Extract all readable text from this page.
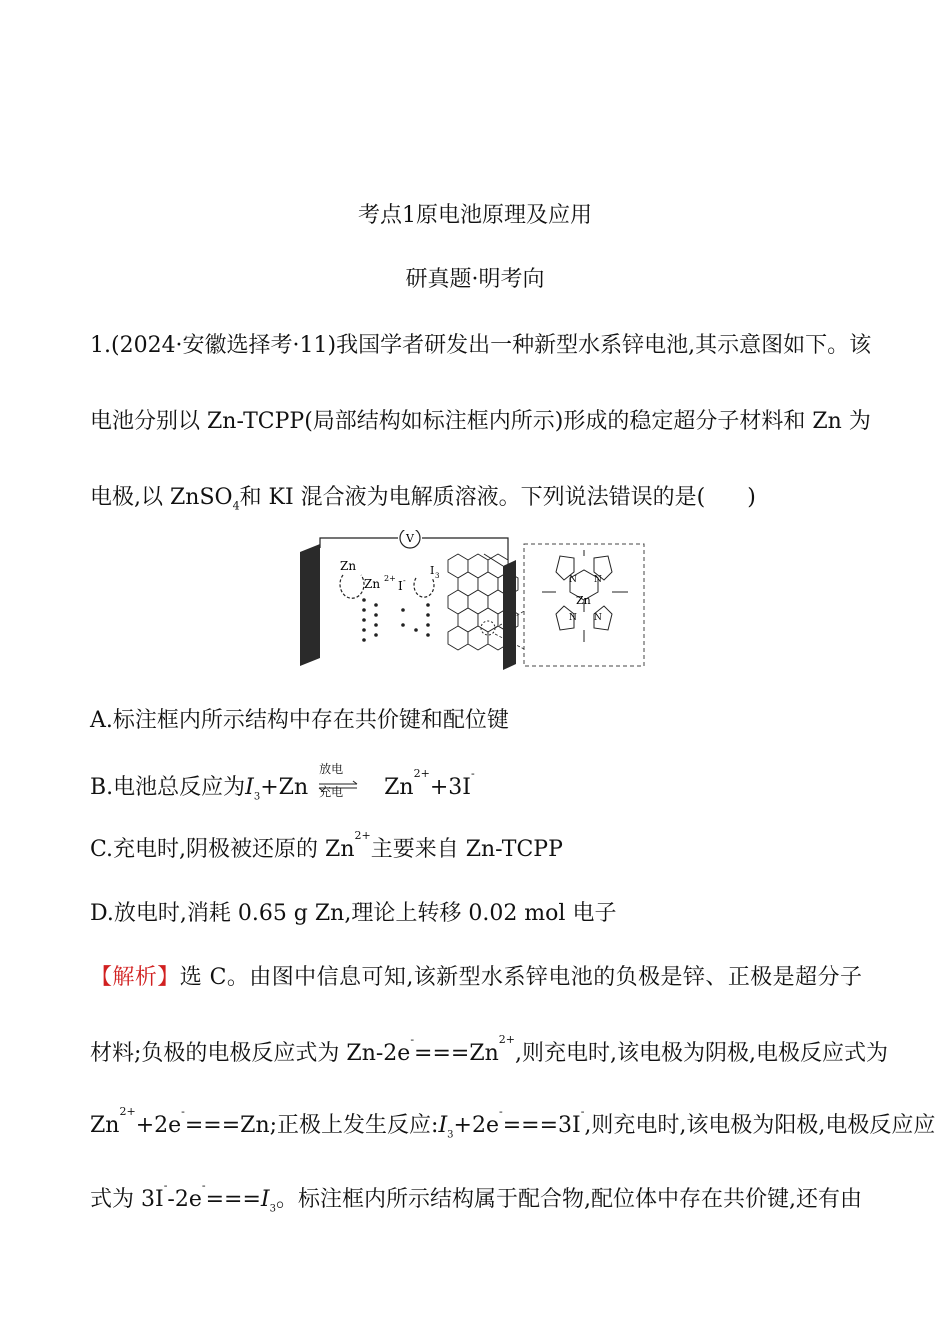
考点1原电池原理及应用
研真题·明考向
1.(2024·安徽选择考·11)我国学者研发出一种新型水系锌电池,其示意图如下。该
电池分别以 Zn-TCPP(局部结构如标注框内所示)形成的稳定超分子材料和 Zn 为
电极,以 ZnSO$_4$和 KI 混合液为电解质溶液。下列说法错误的是( )
V
Zn
Zn 2+
I -
I 3	N N
N N
Zn
A.标注框内所示结构中存在共价键和配位键
B.电池总反应为$I_3+Zn$
放电
充电 $Zn^{2+}+3I^-$
C.充电时,阴极被还原的 $Zn^{2+}$主要来自 Zn-TCPP
D.放电时,消耗 0.65 g Zn,理论上转移 0.02 mol 电子
【解析】选 C。由图中信息可知,该新型水系锌电池的负极是锌、正极是超分子
材料;负极的电极反应式为 $Zn-2e^-===Zn^{2+}$,则充电时,该电极为阴极,电极反应式为
$Zn^{2+}+2e^-===Zn$;正极上发生反应$:I_3+2e^-===3I^-$,则充电时,该电极为阳极,电极反应应
式为 $3I^--2e^-===I_3$。标注框内所示结构属于配合物,配位体中存在共价键,还有由
